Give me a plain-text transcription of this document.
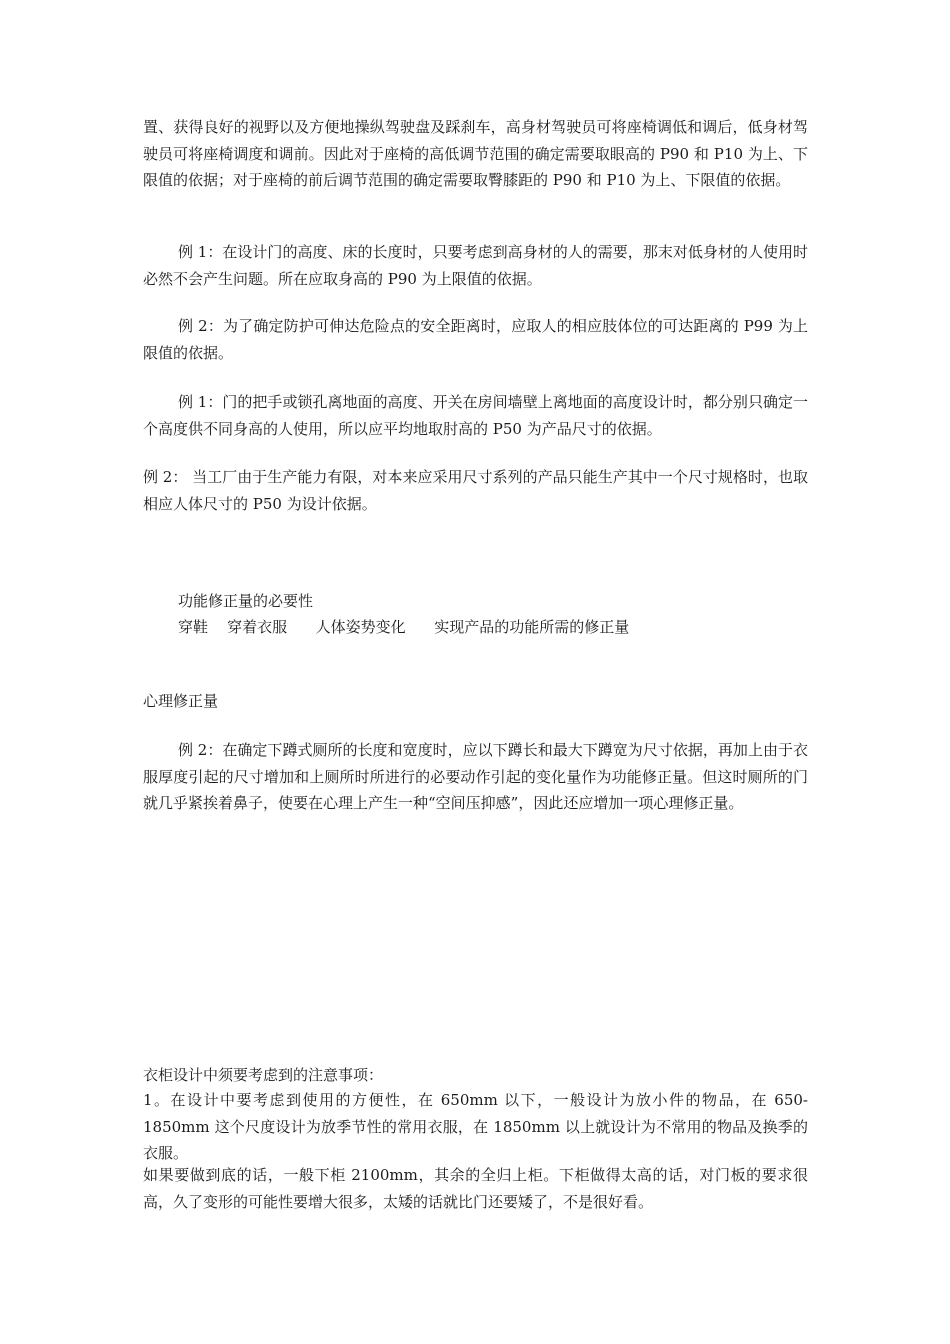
置、获得良好的视野以及方便地操纵驾驶盘及踩刹车，高身材驾驶员可将座椅调低和调后，低身材驾驶员可将座椅调度和调前。因此对于座椅的高低调节范围的确定需要取眼高的 P90 和 P10 为上、下限值的依据；对于座椅的前后调节范围的确定需要取臀膝距的 P90 和 P10 为上、下限值的依据。

例 1：在设计门的高度、床的长度时，只要考虑到高身材的人的需要，那末对低身材的人使用时必然不会产生问题。所在应取身高的 P90 为上限值的依据。

例 2：为了确定防护可伸达危险点的安全距离时，应取人的相应肢体位的可达距离的 P99 为上限值的依据。

例 1：门的把手或锁孔离地面的高度、开关在房间墙壁上离地面的高度设计时，都分别只确定一个高度供不同身高的人使用，所以应平均地取肘高的 P50 为产品尺寸的依据。

例 2： 当工厂由于生产能力有限，对本来应采用尺寸系列的产品只能生产其中一个尺寸规格时，也取相应人体尺寸的 P50 为设计依据。

功能修正量的必要性

穿鞋    穿着衣服      人体姿势变化      实现产品的功能所需的修正量

心理修正量

例 2：在确定下蹲式厕所的长度和宽度时，应以下蹲长和最大下蹲宽为尺寸依据，再加上由于衣服厚度引起的尺寸增加和上厕所时所进行的必要动作引起的变化量作为功能修正量。但这时厕所的门就几乎紧挨着鼻子，使要在心理上产生一种“空间压抑感”，因此还应增加一项心理修正量。

衣柜设计中须要考虑到的注意事项：

1。在设计中要考虑到使用的方便性，在 650mm 以下，一般设计为放小件的物品，在 650-1850mm 这个尺度设计为放季节性的常用衣服，在 1850mm 以上就设计为不常用的物品及换季的衣服。

如果要做到底的话，一般下柜 2100mm，其余的全归上柜。下柜做得太高的话，对门板的要求很高，久了变形的可能性要增大很多，太矮的话就比门还要矮了，不是很好看。
